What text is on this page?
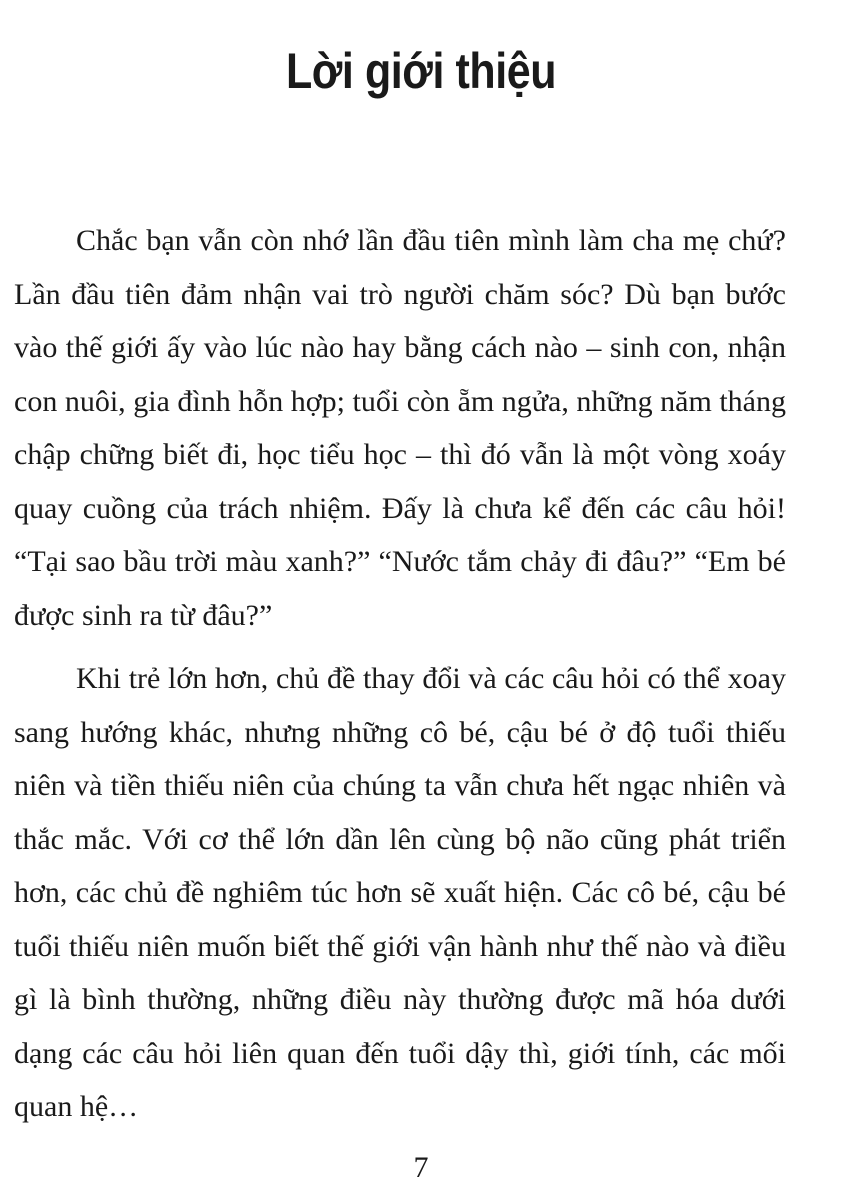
Lời giới thiệu

Chắc bạn vẫn còn nhớ lần đầu tiên mình làm cha mẹ chứ? Lần đầu tiên đảm nhận vai trò người chăm sóc? Dù bạn bước vào thế giới ấy vào lúc nào hay bằng cách nào – sinh con, nhận con nuôi, gia đình hỗn hợp; tuổi còn ẵm ngửa, những năm tháng chập chững biết đi, học tiểu học – thì đó vẫn là một vòng xoáy quay cuồng của trách nhiệm. Đấy là chưa kể đến các câu hỏi! “Tại sao bầu trời màu xanh?” “Nước tắm chảy đi đâu?” “Em bé được sinh ra từ đâu?”

Khi trẻ lớn hơn, chủ đề thay đổi và các câu hỏi có thể xoay sang hướng khác, nhưng những cô bé, cậu bé ở độ tuổi thiếu niên và tiền thiếu niên của chúng ta vẫn chưa hết ngạc nhiên và thắc mắc. Với cơ thể lớn dần lên cùng bộ não cũng phát triển hơn, các chủ đề nghiêm túc hơn sẽ xuất hiện. Các cô bé, cậu bé tuổi thiếu niên muốn biết thế giới vận hành như thế nào và điều gì là bình thường, những điều này thường được mã hóa dưới dạng các câu hỏi liên quan đến tuổi dậy thì, giới tính, các mối quan hệ…

7
